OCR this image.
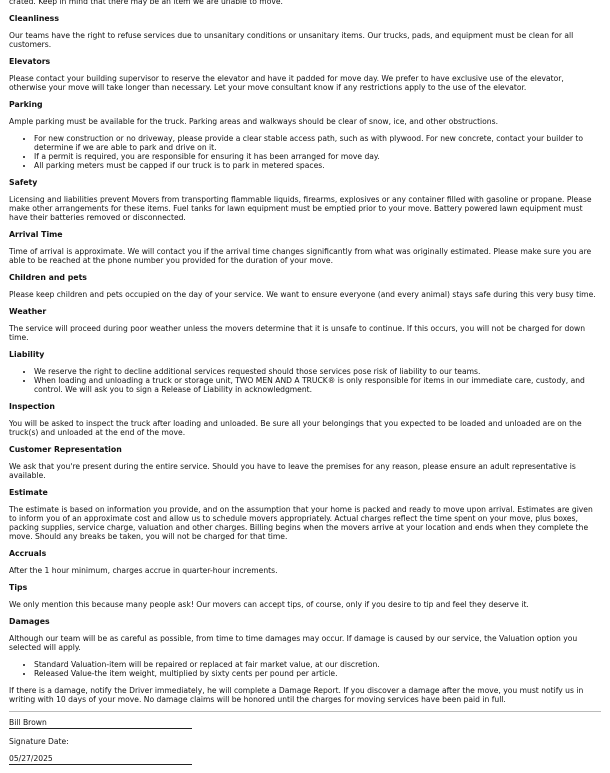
crated. Keep in mind that there may be an item we are unable to move.

Cleanliness

Our teams have the right to refuse services due to unsanitary conditions or unsanitary items. Our trucks, pads, and equipment must be clean for all customers.

Elevators

Please contact your building supervisor to reserve the elevator and have it padded for move day. We prefer to have exclusive use of the elevator, otherwise your move will take longer than necessary. Let your move consultant know if any restrictions apply to the use of the elevator.

Parking

Ample parking must be available for the truck. Parking areas and walkways should be clear of snow, ice, and other obstructions.

• For new construction or no driveway, please provide a clear stable access path, such as with plywood. For new concrete, contact your builder to determine if we are able to park and drive on it.
• If a permit is required, you are responsible for ensuring it has been arranged for move day.
• All parking meters must be capped if our truck is to park in metered spaces.
Safety

Licensing and liabilities prevent Movers from transporting flammable liquids, firearms, explosives or any container filled with gasoline or propane. Please make other arrangements for these items. Fuel tanks for lawn equipment must be emptied prior to your move. Battery powered lawn equipment must have their batteries removed or disconnected.

Arrival Time

Time of arrival is approximate. We will contact you if the arrival time changes significantly from what was originally estimated. Please make sure you are able to be reached at the phone number you provided for the duration of your move.

Children and pets

Please keep children and pets occupied on the day of your service. We want to ensure everyone (and every animal) stays safe during this very busy time.

Weather

The service will proceed during poor weather unless the movers determine that it is unsafe to continue. If this occurs, you will not be charged for down time.

Liability
• We reserve the right to decline additional services requested should those services pose risk of liability to our teams.
• When loading and unloading a truck or storage unit, TWO MEN AND A TRUCK® is only responsible for items in our immediate care, custody, and control. We will ask you to sign a Release of Liability in acknowledgment.
Inspection

You will be asked to inspect the truck after loading and unloaded. Be sure all your belongings that you expected to be loaded and unloaded are on the truck(s) and unloaded at the end of the move.

Customer Representation

We ask that you're present during the entire service. Should you have to leave the premises for any reason, please ensure an adult representative is available.

Estimate

The estimate is based on information you provide, and on the assumption that your home is packed and ready to move upon arrival. Estimates are given to inform you of an approximate cost and allow us to schedule movers appropriately. Actual charges reflect the time spent on your move, plus boxes, packing supplies, service charge, valuation and other charges. Billing begins when the movers arrive at your location and ends when they complete the move. Should any breaks be taken, you will not be charged for that time.

Accruals

After the 1 hour minimum, charges accrue in quarter-hour increments.

Tips

We only mention this because many people ask! Our movers can accept tips, of course, only if you desire to tip and feel they deserve it.

Damages

Although our team will be as careful as possible, from time to time damages may occur. If damage is caused by our service, the Valuation option you selected will apply.

• Standard Valuation-item will be repaired or replaced at fair market value, at our discretion.
• Released Value-the item weight, multiplied by sixty cents per pound per article.

If there is a damage, notify the Driver immediately, he will complete a Damage Report. If you discover a damage after the move, you must notify us in writing with 10 days of your move. No damage claims will be honored until the charges for moving services have been paid in full.

Bill Brown
Signature Date:
05/27/2025
